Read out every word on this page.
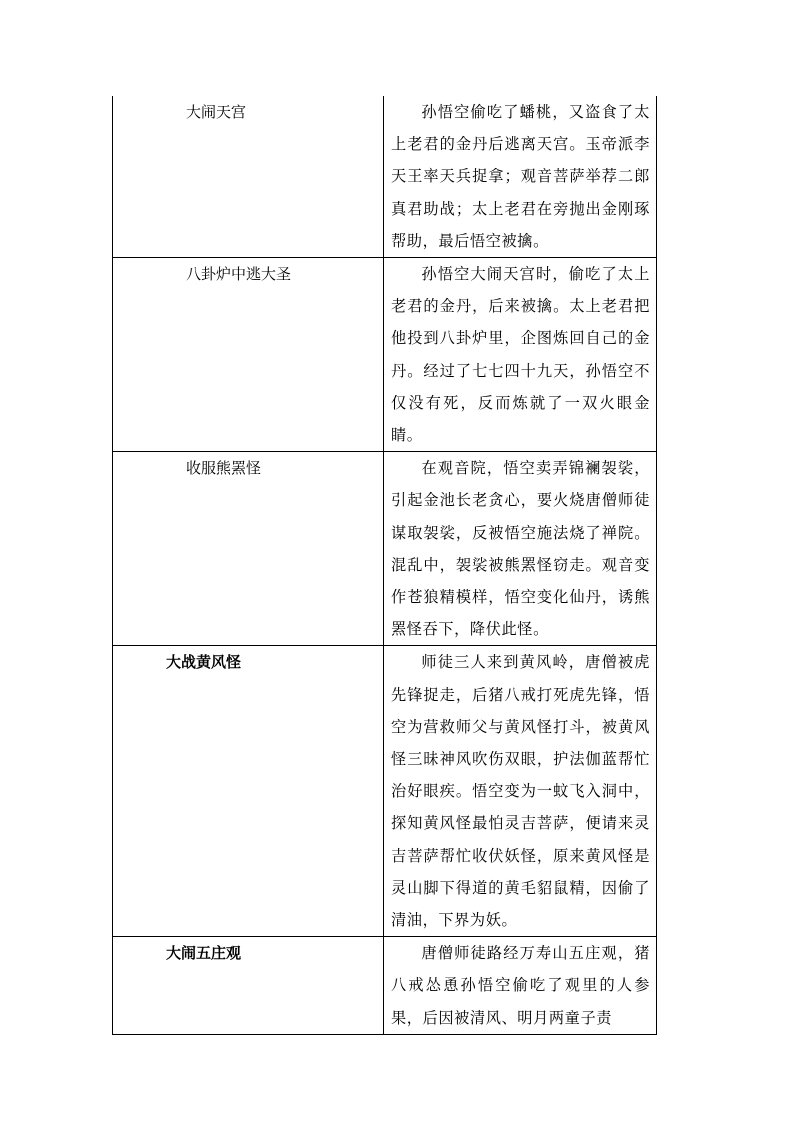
大闹天宫	孙悟空偷吃了蟠桃，又盗食了太上老君的金丹后逃离天宫。玉帝派李天王率天兵捉拿；观音菩萨举荐二郎真君助战；太上老君在旁抛出金刚琢帮助，最后悟空被擒。

八卦炉中逃大圣	孙悟空大闹天宫时，偷吃了太上老君的金丹，后来被擒。太上老君把他投到八卦炉里，企图炼回自己的金丹。经过了七七四十九天，孙悟空不仅没有死，反而炼就了一双火眼金睛。

收服熊罴怪	在观音院，悟空卖弄锦襕袈裟，引起金池长老贪心，要火烧唐僧师徒谋取袈裟，反被悟空施法烧了禅院。混乱中，袈裟被熊罴怪窃走。观音变作苍狼精模样，悟空变化仙丹，诱熊罴怪吞下，降伏此怪。

大战黄风怪	师徒三人来到黄风岭，唐僧被虎先锋捉走，后猪八戒打死虎先锋，悟空为营救师父与黄风怪打斗，被黄风怪三昧神风吹伤双眼，护法伽蓝帮忙治好眼疾。悟空变为一蚊飞入洞中，探知黄风怪最怕灵吉菩萨，便请来灵吉菩萨帮忙收伏妖怪，原来黄风怪是灵山脚下得道的黄毛貂鼠精，因偷了清油，下界为妖。

大闹五庄观	唐僧师徒路经万寿山五庄观，猪八戒怂恿孙悟空偷吃了观里的人参果，后因被清风、明月两童子责
